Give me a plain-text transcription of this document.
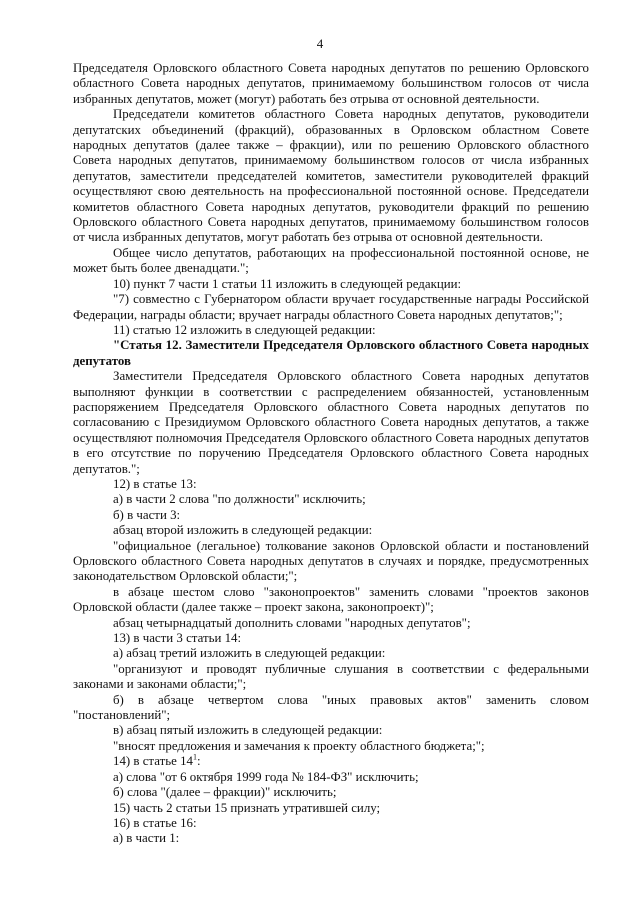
4

Председателя Орловского областного Совета народных депутатов по решению Орловского областного Совета народных депутатов, принимаемому большинством голосов от числа избранных депутатов, может (могут) работать без отрыва от основной деятельности.

Председатели комитетов областного Совета народных депутатов, руководители депутатских объединений (фракций), образованных в Орловском областном Совете народных депутатов (далее также – фракции), или по решению Орловского областного Совета народных депутатов, принимаемому большинством голосов от числа избранных депутатов, заместители председателей комитетов, заместители руководителей фракций осуществляют свою деятельность на профессиональной постоянной основе. Председатели комитетов областного Совета народных депутатов, руководители фракций по решению Орловского областного Совета народных депутатов, принимаемому большинством голосов от числа избранных депутатов, могут работать без отрыва от основной деятельности.

Общее число депутатов, работающих на профессиональной постоянной основе, не может быть более двенадцати.";

10) пункт 7 части 1 статьи 11 изложить в следующей редакции:

"7) совместно с Губернатором области вручает государственные награды Российской Федерации, награды области; вручает награды областного Совета народных депутатов;";

11) статью 12 изложить в следующей редакции:

"Статья 12. Заместители Председателя Орловского областного Совета народных депутатов

Заместители Председателя Орловского областного Совета народных депутатов выполняют функции в соответствии с распределением обязанностей, установленным распоряжением Председателя Орловского областного Совета народных депутатов по согласованию с Президиумом Орловского областного Совета народных депутатов, а также осуществляют полномочия Председателя Орловского областного Совета народных депутатов в его отсутствие по поручению Председателя Орловского областного Совета народных депутатов.";

12) в статье 13:

а) в части 2 слова "по должности" исключить;

б) в части 3:

абзац второй изложить в следующей редакции:

"официальное (легальное) толкование законов Орловской области и постановлений Орловского областного Совета народных депутатов в случаях и порядке, предусмотренных законодательством Орловской области;";

в абзаце шестом слово "законопроектов" заменить словами "проектов законов Орловской области (далее также – проект закона, законопроект)";

абзац четырнадцатый дополнить словами "народных депутатов";

13) в части 3 статьи 14:

а) абзац третий изложить в следующей редакции:

"организуют и проводят публичные слушания в соответствии с федеральными законами и законами области;";

б) в абзаце четвертом слова "иных правовых актов" заменить словом

"постановлений";

в) абзац пятый изложить в следующей редакции:

"вносят предложения и замечания к проекту областного бюджета;";

14) в статье $14^1$:

а) слова "от 6 октября 1999 года № 184-ФЗ" исключить;

б) слова "(далее – фракции)" исключить;

15) часть 2 статьи 15 признать утратившей силу;

16) в статье 16:

а) в части 1:
